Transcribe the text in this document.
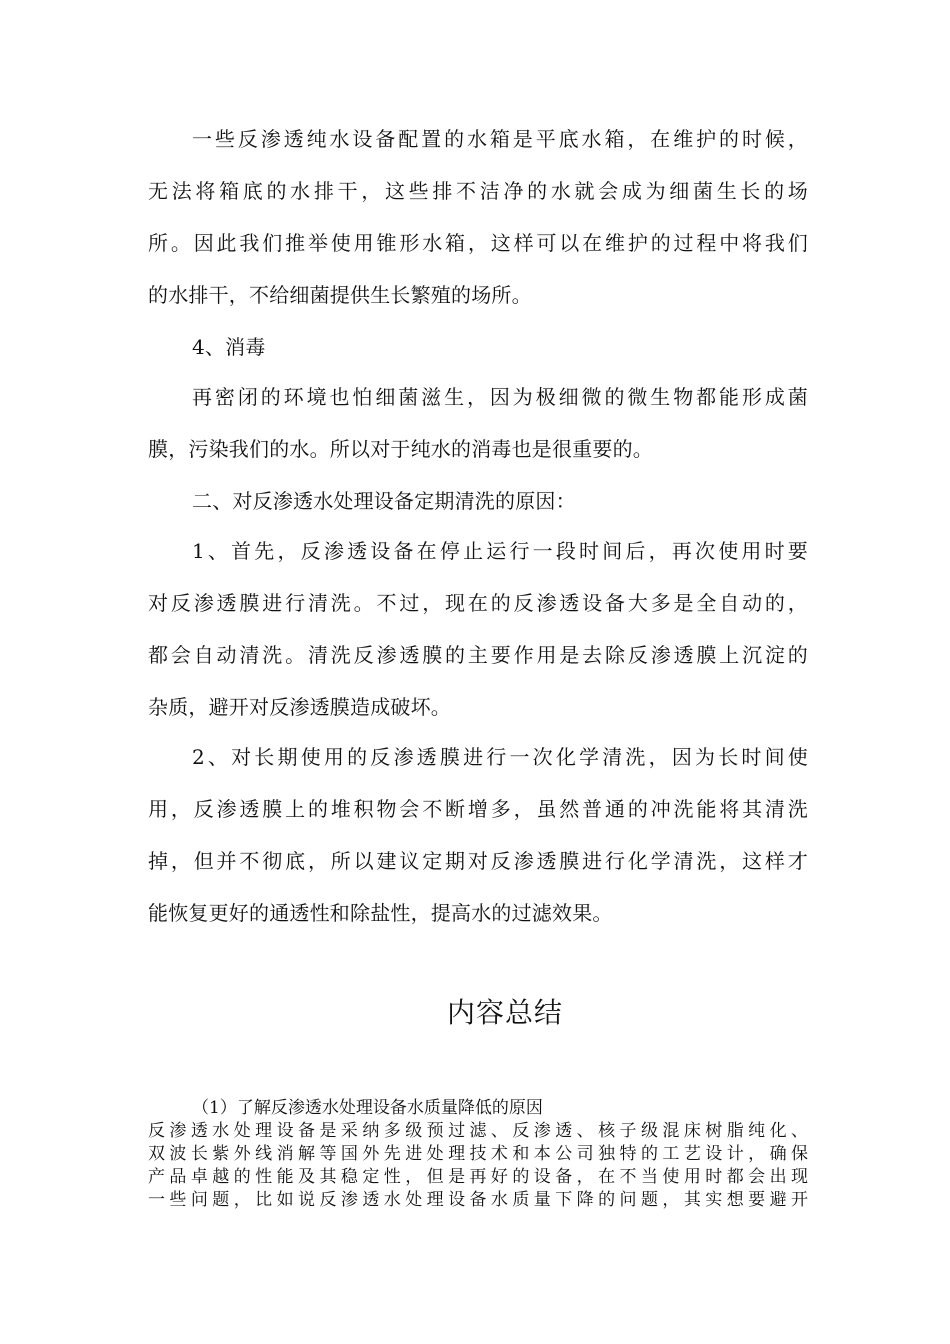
一些反渗透纯水设备配置的水箱是平底水箱，在维护的时候，
无法将箱底的水排干，这些排不洁净的水就会成为细菌生长的场
所。因此我们推举使用锥形水箱，这样可以在维护的过程中将我们
的水排干，不给细菌提供生长繁殖的场所。
4、消毒
再密闭的环境也怕细菌滋生，因为极细微的微生物都能形成菌
膜，污染我们的水。所以对于纯水的消毒也是很重要的。
二、对反渗透水处理设备定期清洗的原因：
1、首先，反渗透设备在停止运行一段时间后，再次使用时要
对反渗透膜进行清洗。不过，现在的反渗透设备大多是全自动的，
都会自动清洗。清洗反渗透膜的主要作用是去除反渗透膜上沉淀的
杂质，避开对反渗透膜造成破坏。
2、对长期使用的反渗透膜进行一次化学清洗，因为长时间使
用，反渗透膜上的堆积物会不断增多，虽然普通的冲洗能将其清洗
掉，但并不彻底，所以建议定期对反渗透膜进行化学清洗，这样才
能恢复更好的通透性和除盐性，提高水的过滤效果。
内容总结
（1）了解反渗透水处理设备水质量降低的原因
反渗透水处理设备是采纳多级预过滤、反渗透、核子级混床树脂纯化、
双波长紫外线消解等国外先进处理技术和本公司独特的工艺设计，确保
产品卓越的性能及其稳定性，但是再好的设备，在不当使用时都会出现
一些问题，比如说反渗透水处理设备水质量下降的问题，其实想要避开
